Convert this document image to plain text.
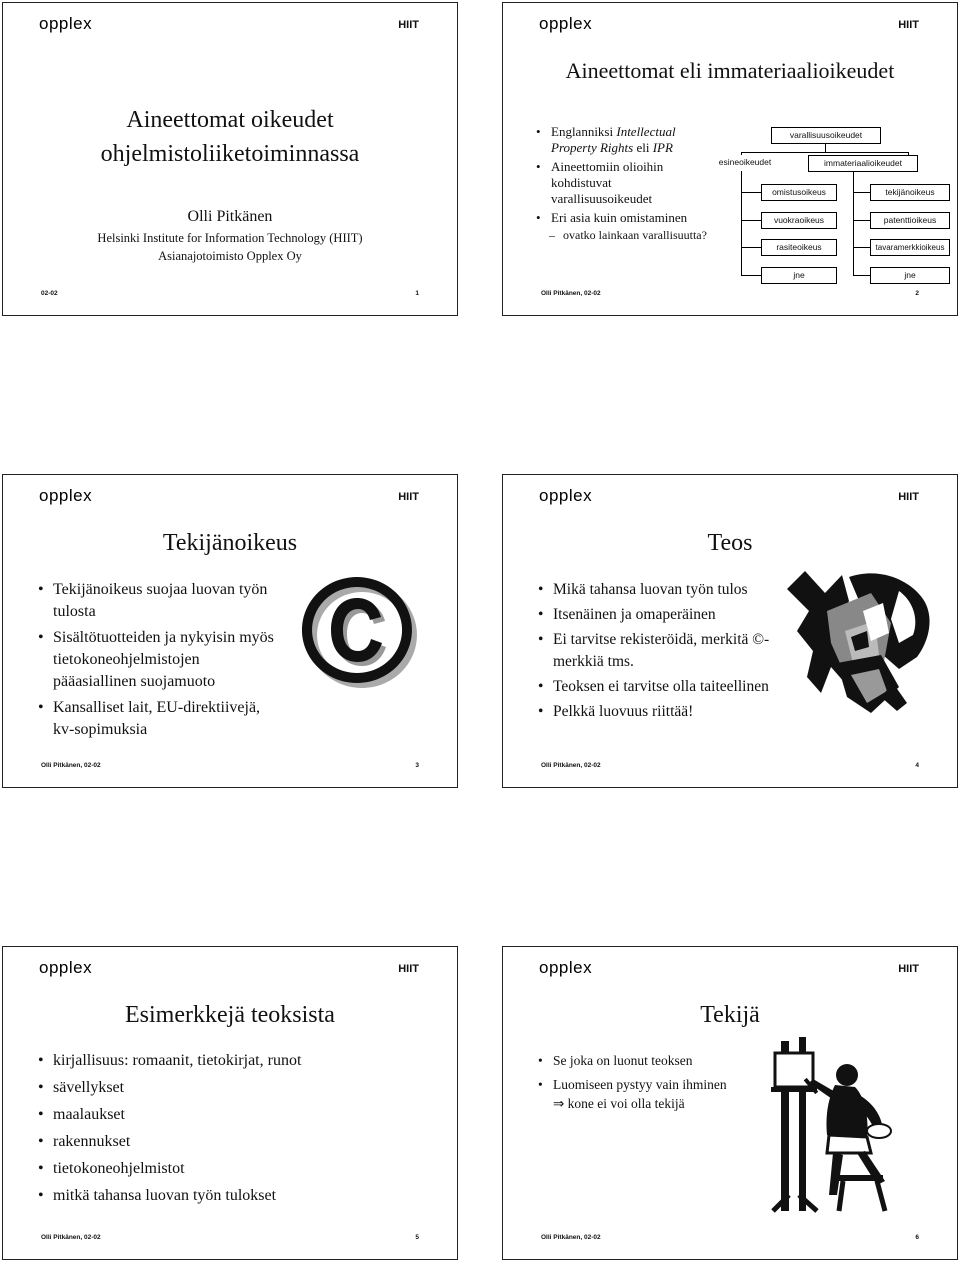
opplex	HIIT
Aineettomat oikeudet
ohjelmistoliiketoiminnassa
Olli Pitkänen
Helsinki Institute for Information Technology (HIIT)
Asianajotoimisto Opplex Oy
02-02	1
opplex	HIIT
Aineettomat eli immateriaalioikeudet
• Englanniksi Intellectual Property Rights eli IPR
• Aineettomiin olioihin kohdistuvat varallisuusoikeudet
• Eri asia kuin omistaminen
– ovatko lainkaan varallisuutta?
varallisuusoikeudet
esineoikeudet	immateriaalioikeudet
omistusoikeus
vuokraoikeus
rasiteoikeus
jne
tekijänoikeus
patenttioikeus
tavaramerkkioikeus
jne
Olli Pitkänen, 02-02	2
opplex	HIIT
Tekijänoikeus
• Tekijänoikeus suojaa luovan työn tulosta
• Sisältötuotteiden ja nykyisin myös tietokoneohjelmistojen pääasiallinen suojamuoto
• Kansalliset lait, EU-direktiivejä, kv-sopimuksia
Olli Pitkänen, 02-02	3
opplex	HIIT
Teos
• Mikä tahansa luovan työn tulos
• Itsenäinen ja omaperäinen
• Ei tarvitse rekisteröidä, merkitä ©-merkkiä tms.
• Teoksen ei tarvitse olla taiteellinen
• Pelkkä luovuus riittää!
Olli Pitkänen, 02-02	4
opplex	HIIT
Esimerkkejä teoksista
• kirjallisuus: romaanit, tietokirjat, runot
• sävellykset
• maalaukset
• rakennukset
• tietokoneohjelmistot
• mitkä tahansa luovan työn tulokset
Olli Pitkänen, 02-02	5
opplex	HIIT
Tekijä
• Se joka on luonut teoksen
• Luomiseen pystyy vain ihminen ⇒ kone ei voi olla tekijä
Olli Pitkänen, 02-02	6
